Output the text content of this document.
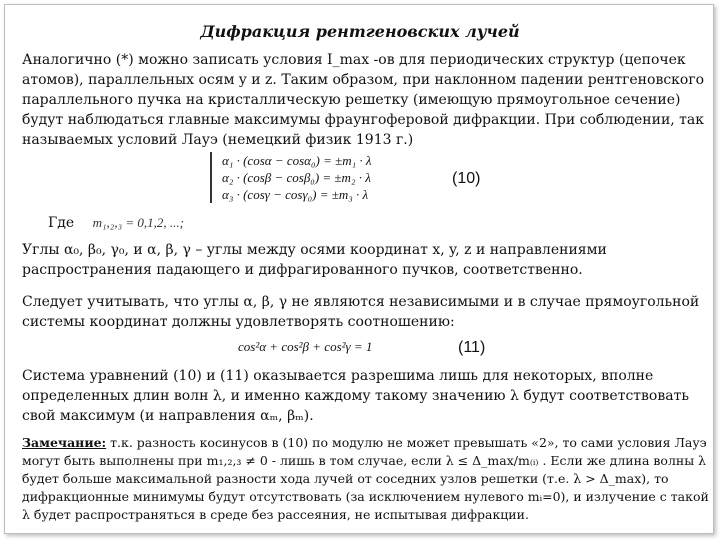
Дифракция рентгеновских лучей
Аналогично (*) можно записать условия I_max -ов для периодических структур (цепочек атомов), параллельных осям y и z. Таким образом, при наклонном падении рентгеновского параллельного пучка на кристаллическую решетку (имеющую прямоугольное сечение) будут наблюдаться главные максимумы фраунгоферовой дифракции. При соблюдении, так называемых условий Лауэ (немецкий физик 1913 г.)
α₁ · (cosα − cosα₀) = ±m₁ · λ
α₂ · (cosβ − cosβ₀) = ±m₂ · λ
α₃ · (cosγ − cosγ₀) = ±m₃ · λ
(10)
Где m₁,₂,₃ = 0,1,2, ...;
Углы α₀, β₀, γ₀, и α, β, γ – углы между осями координат x, y, z и направлениями распространения падающего и дифрагированного пучков, соответственно.
Следует учитывать, что углы α, β, γ не являются независимыми и в случае прямоугольной системы координат должны удовлетворять соотношению:
cos²α + cos²β + cos²γ = 1	(11)
Система уравнений (10) и (11) оказывается разрешима лишь для некоторых, вполне определенных длин волн λ, и именно каждому такому значению λ будут соответствовать свой максимум (и направления αₘ, βₘ).
Замечание: т.к. разность косинусов в (10) по модулю не может превышать «2», то сами условия Лауэ могут быть выполнены при m₁,₂,₃ ≠ 0 - лишь в том случае, если λ ≤ Δ_max/m₍ᵢ₎ . Если же длина волны λ будет больше максимальной разности хода лучей от соседних узлов решетки (т.е. λ > Δ_max), то дифракционные минимумы будут отсутствовать (за исключением нулевого mᵢ=0), и излучение с такой λ будет распространяться в среде без рассеяния, не испытывая дифракции.
